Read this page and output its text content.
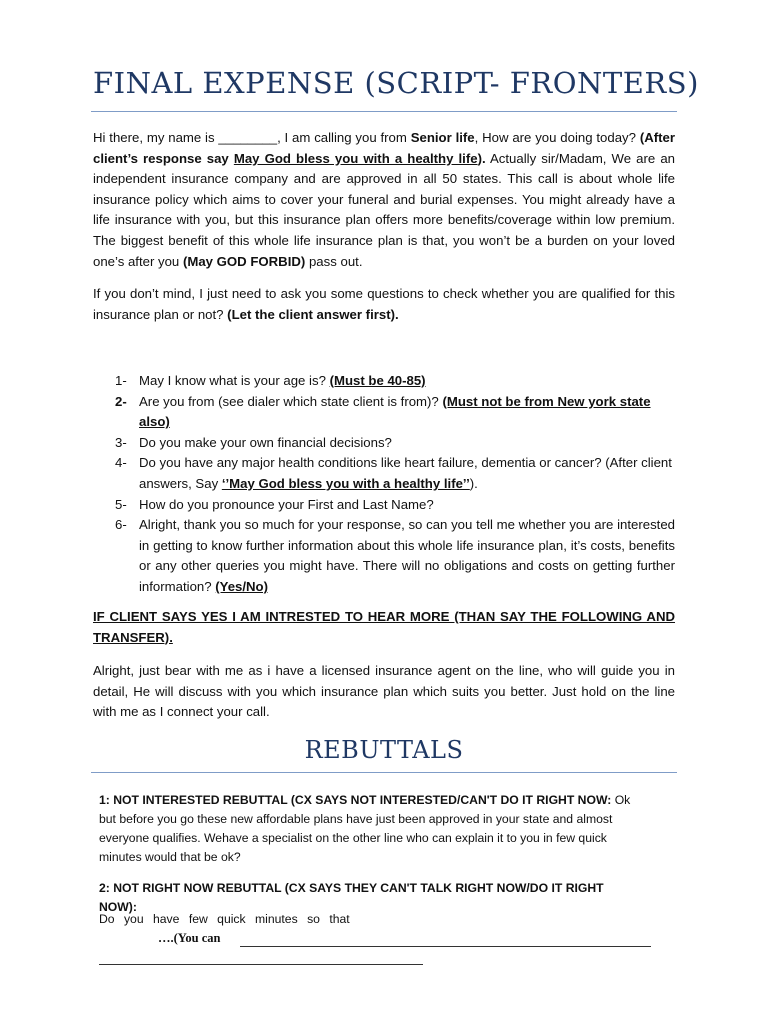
FINAL EXPENSE (SCRIPT- FRONTERS)
Hi there, my name is ________, I am calling you from Senior life, How are you doing today? (After client’s response say May God bless you with a healthy life). Actually sir/Madam, We are an independent insurance company and are approved in all 50 states. This call is about whole life insurance policy which aims to cover your funeral and burial expenses. You might already have a life insurance with you, but this insurance plan offers more benefits/coverage within low premium. The biggest benefit of this whole life insurance plan is that, you won’t be a burden on your loved one’s after you (May GOD FORBID) pass out.
If you don’t mind, I just need to ask you some questions to check whether you are qualified for this insurance plan or not? (Let the client answer first).
1- May I know what is your age is? (Must be 40-85)
2- Are you from (see dialer which state client is from)? (Must not be from New york state also)
3- Do you make your own financial decisions?
4- Do you have any major health conditions like heart failure, dementia or cancer? (After client answers, Say ‘’May God bless you with a healthy life’’).
5- How do you pronounce your First and Last Name?
6- Alright, thank you so much for your response, so can you tell me whether you are interested in getting to know further information about this whole life insurance plan, it’s costs, benefits or any other queries you might have. There will no obligations and costs on getting further information? (Yes/No)
IF CLIENT SAYS YES I AM INTRESTED TO HEAR MORE (THAN SAY THE FOLLOWING AND TRANSFER).
Alright, just bear with me as i have a licensed insurance agent on the line, who will guide you in detail, He will discuss with you which insurance plan which suits you better. Just hold on the line with me as I connect your call.
REBUTTALS
1: NOT INTERESTED REBUTTAL (CX SAYS NOT INTERESTED/CAN'T DO IT RIGHT NOW: Ok but before you go these new affordable plans have just been approved in your state and almost everyone qualifies. Wehave a specialist on the other line who can explain it to you in few quick minutes would that be ok?
2: NOT RIGHT NOW REBUTTAL (CX SAYS THEY CAN'T TALK RIGHT NOW/DO IT RIGHT NOW):
Do you have few quick minutes so that
….(You can
